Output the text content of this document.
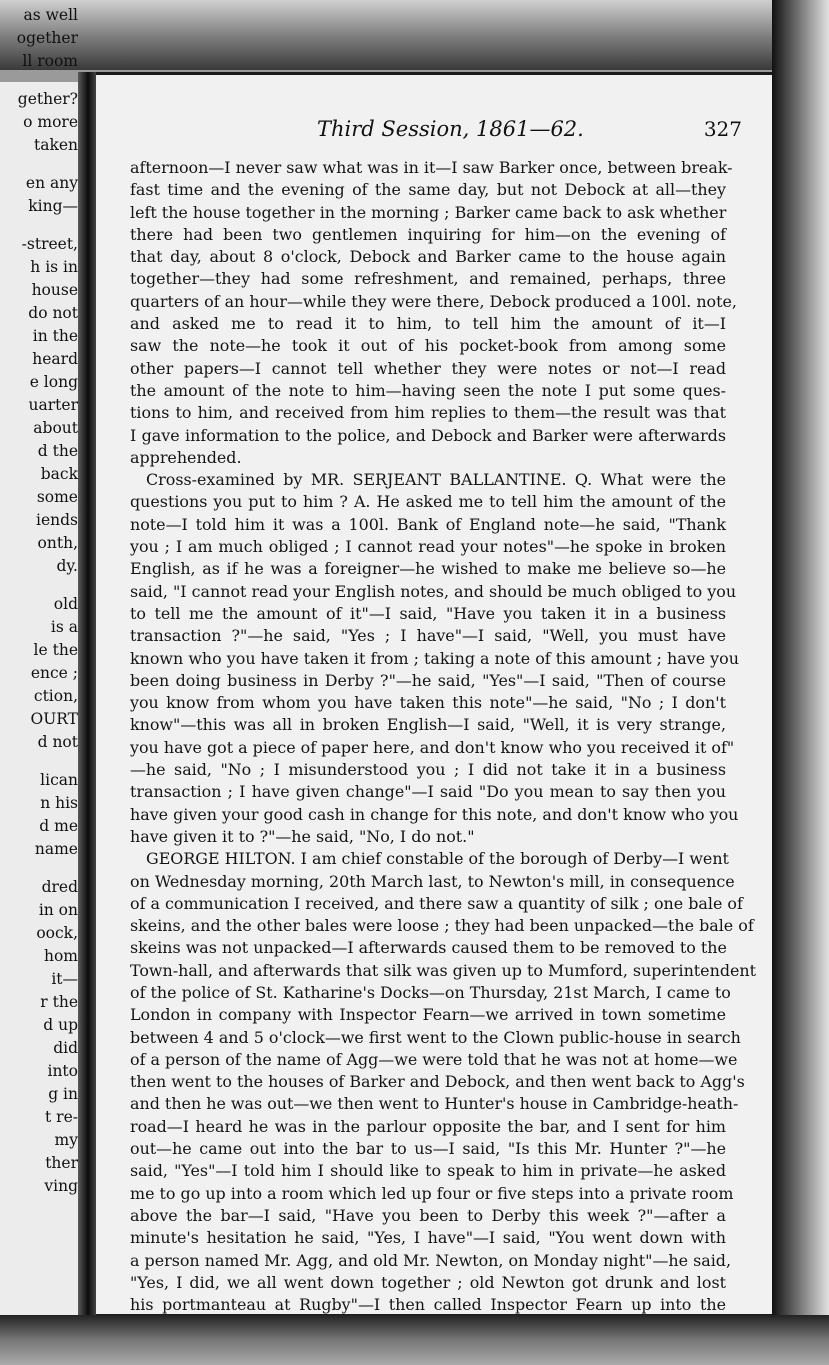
as well
ogether
ll room
gether?
o more
taken
en any
king—
-street,
h is in
house
do not
in the
heard
e long
uarter
about
d the
back
some
iends
onth,
dy.
old
is a
le the
ence ;
ction,
OURT
d not
lican
n his
d me
name
dred
in on
oock,
hom
it—
r the
d up
did
into
g in
t re-
my
ther
ving
Third Session, 1861—62.	327
afternoon—I never saw what was in it—I saw Barker once, between break-
fast time and the evening of the same day, but not Debock at all—they
left the house together in the morning ; Barker came back to ask whether
there had been two gentlemen inquiring for him—on the evening of
that day, about 8 o'clock, Debock and Barker came to the house again
together—they had some refreshment, and remained, perhaps, three
quarters of an hour—while they were there, Debock produced a 100l. note,
and asked me to read it to him, to tell him the amount of it—I
saw the note—he took it out of his pocket-book from among some
other papers—I cannot tell whether they were notes or not—I read
the amount of the note to him—having seen the note I put some ques-
tions to him, and received from him replies to them—the result was that
I gave information to the police, and Debock and Barker were afterwards
apprehended.
Cross-examined by MR. SERJEANT BALLANTINE. Q. What were the
questions you put to him ? A. He asked me to tell him the amount of the
note—I told him it was a 100l. Bank of England note—he said, "Thank
you ; I am much obliged ; I cannot read your notes"—he spoke in broken
English, as if he was a foreigner—he wished to make me believe so—he
said, "I cannot read your English notes, and should be much obliged to you
to tell me the amount of it"—I said, "Have you taken it in a business
transaction ?"—he said, "Yes ; I have"—I said, "Well, you must have
known who you have taken it from ; taking a note of this amount ; have you
been doing business in Derby ?"—he said, "Yes"—I said, "Then of course
you know from whom you have taken this note"—he said, "No ; I don't
know"—this was all in broken English—I said, "Well, it is very strange,
you have got a piece of paper here, and don't know who you received it of"
—he said, "No ; I misunderstood you ; I did not take it in a business
transaction ; I have given change"—I said "Do you mean to say then you
have given your good cash in change for this note, and don't know who you
have given it to ?"—he said, "No, I do not."
GEORGE HILTON. I am chief constable of the borough of Derby—I went
on Wednesday morning, 20th March last, to Newton's mill, in consequence
of a communication I received, and there saw a quantity of silk ; one bale of
skeins, and the other bales were loose ; they had been unpacked—the bale of
skeins was not unpacked—I afterwards caused them to be removed to the
Town-hall, and afterwards that silk was given up to Mumford, superintendent
of the police of St. Katharine's Docks—on Thursday, 21st March, I came to
London in company with Inspector Fearn—we arrived in town sometime
between 4 and 5 o'clock—we first went to the Clown public-house in search
of a person of the name of Agg—we were told that he was not at home—we
then went to the houses of Barker and Debock, and then went back to Agg's
and then he was out—we then went to Hunter's house in Cambridge-heath-
road—I heard he was in the parlour opposite the bar, and I sent for him
out—he came out into the bar to us—I said, "Is this Mr. Hunter ?"—he
said, "Yes"—I told him I should like to speak to him in private—he asked
me to go up into a room which led up four or five steps into a private room
above the bar—I said, "Have you been to Derby this week ?"—after a
minute's hesitation he said, "Yes, I have"—I said, "You went down with
a person named Mr. Agg, and old Mr. Newton, on Monday night"—he said,
"Yes, I did, we all went down together ; old Newton got drunk and lost
his portmanteau at Rugby"—I then called Inspector Fearn up into the
